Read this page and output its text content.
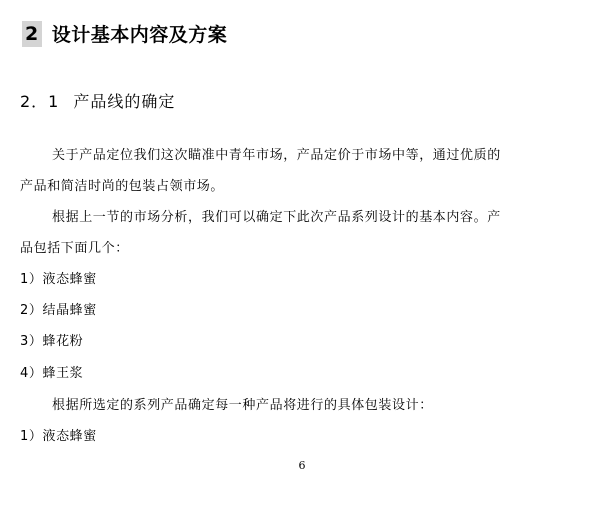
2 设计基本内容及方案
2．1 产品线的确定
关于产品定位我们这次瞄准中青年市场，产品定价于市场中等，通过优质的
产品和简洁时尚的包装占领市场。
根据上一节的市场分析，我们可以确定下此次产品系列设计的基本内容。产
品包括下面几个：
1）液态蜂蜜
2）结晶蜂蜜
3）蜂花粉
4）蜂王浆
根据所选定的系列产品确定每一种产品将进行的具体包装设计：
1）液态蜂蜜
6
